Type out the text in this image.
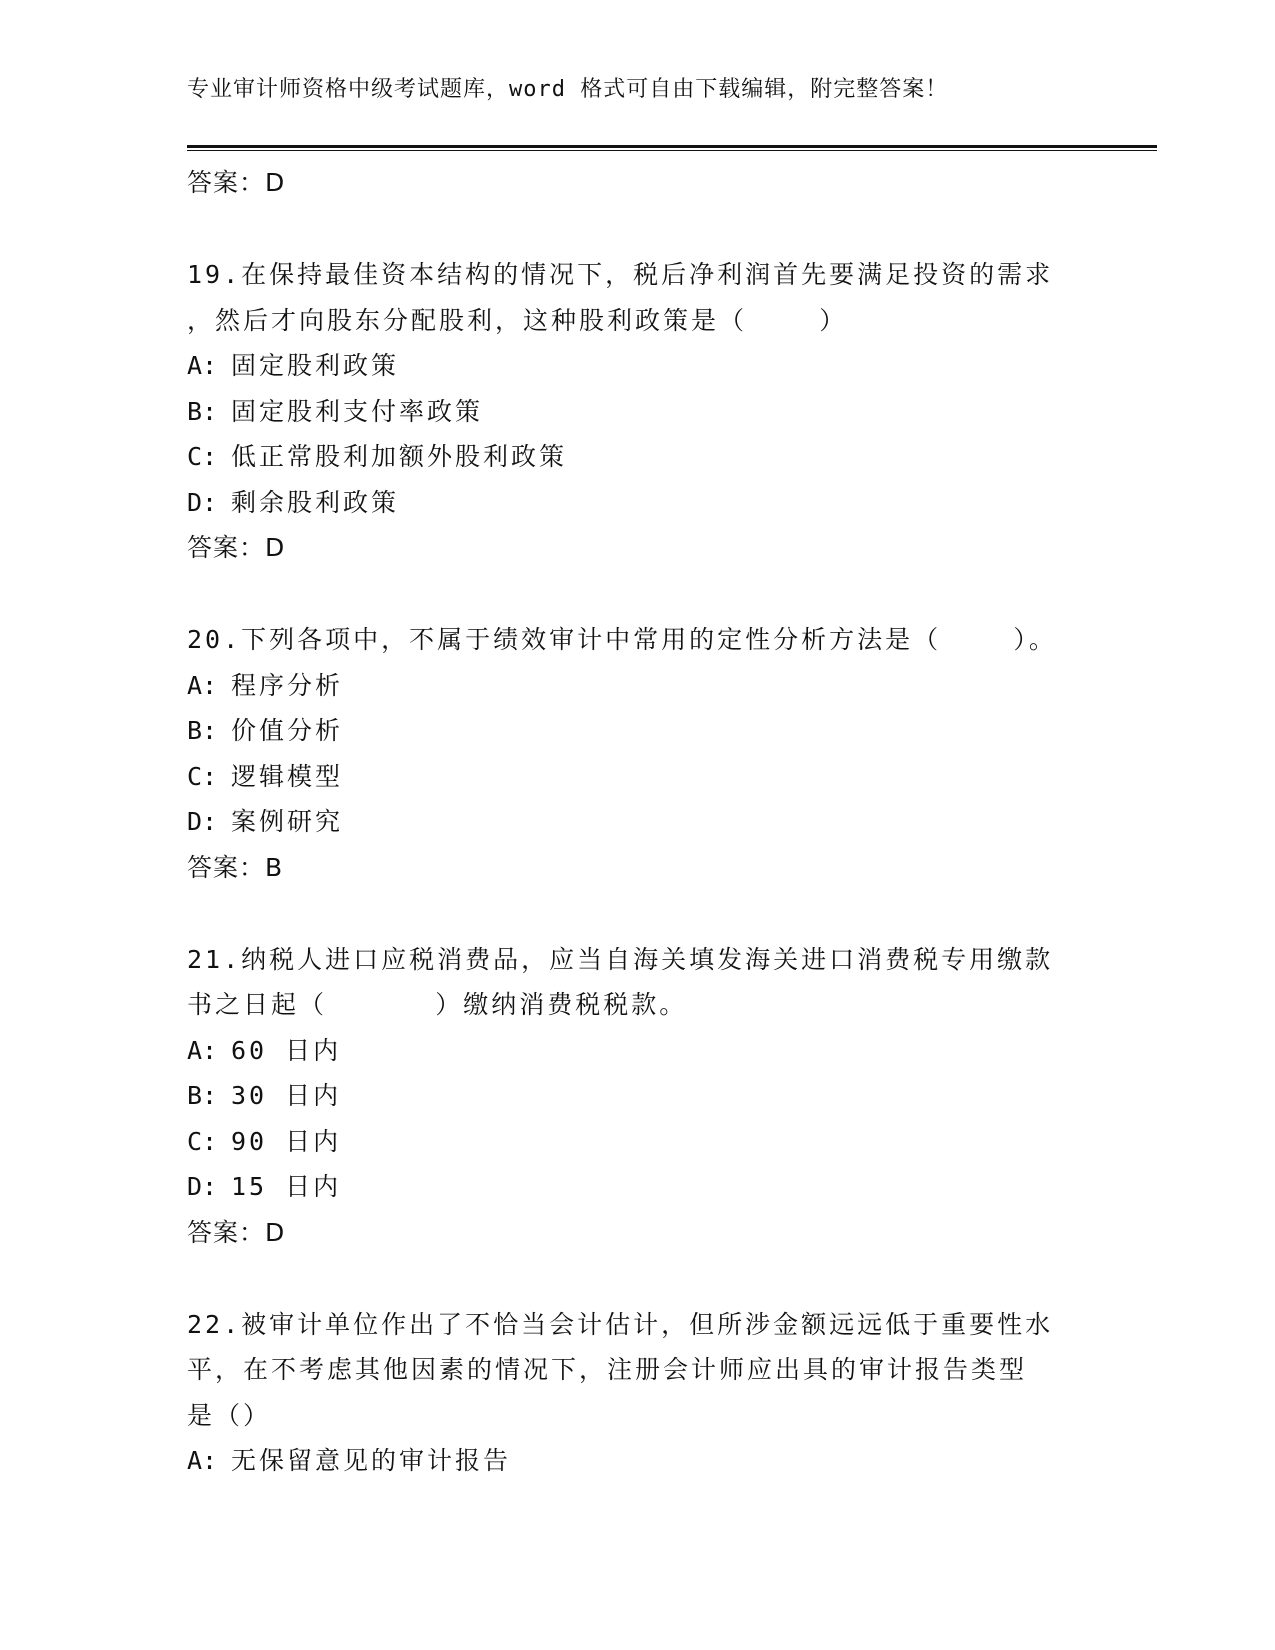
专业审计师资格中级考试题库，word 格式可自由下载编辑，附完整答案！
答案：D
19.在保持最佳资本结构的情况下，税后净利润首先要满足投资的需求
，然后才向股东分配股利，这种股利政策是（    ）
A: 固定股利政策
B: 固定股利支付率政策
C: 低正常股利加额外股利政策
D: 剩余股利政策
答案：D
20.下列各项中，不属于绩效审计中常用的定性分析方法是（    ）。
A: 程序分析
B: 价值分析
C: 逻辑模型
D: 案例研究
答案：B
21.纳税人进口应税消费品，应当自海关填发海关进口消费税专用缴款
书之日起（      ）缴纳消费税税款。
A: 60 日内
B: 30 日内
C: 90 日内
D: 15 日内
答案：D
22.被审计单位作出了不恰当会计估计，但所涉金额远远低于重要性水
平，在不考虑其他因素的情况下，注册会计师应出具的审计报告类型
是（）
A: 无保留意见的审计报告
